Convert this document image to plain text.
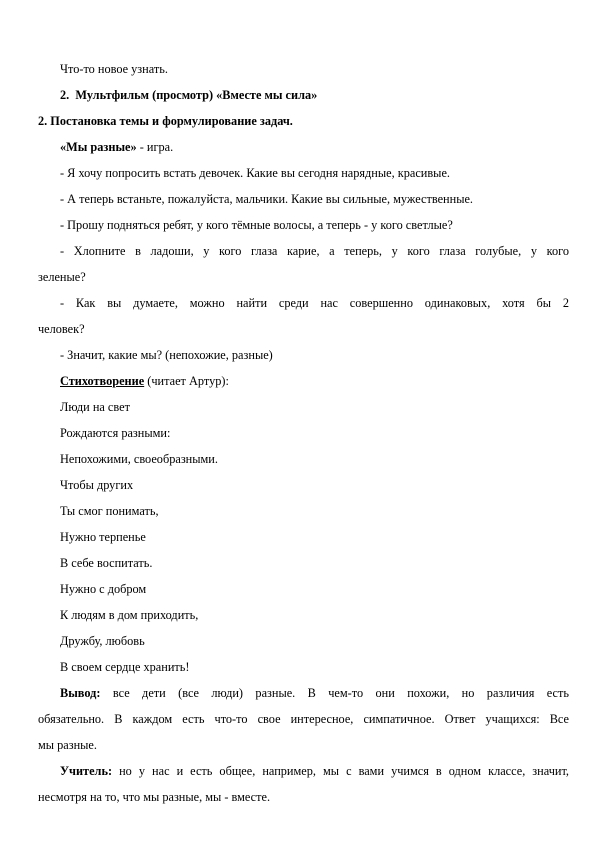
Что-то новое узнать.
2. Мультфильм (просмотр) «Вместе мы сила»
2. Постановка темы и формулирование задач.
«Мы разные» - игра.
- Я хочу попросить встать девочек. Какие вы сегодня нарядные, красивые.
- А теперь встаньте, пожалуйста, мальчики. Какие вы сильные, мужественные.
- Прошу подняться ребят, у кого тёмные волосы, а теперь - у кого светлые?
- Хлопните в ладоши, у кого глаза карие, а теперь, у кого глаза голубые, у кого
зеленые?
- Как вы думаете, можно найти среди нас совершенно одинаковых, хотя бы 2
человек?
- Значит, какие мы? (непохожие, разные)
Стихотворение (читает Артур):
Люди на свет
Рождаются разными:
Непохожими, своеобразными.
Чтобы других
Ты смог понимать,
Нужно терпенье
В себе воспитать.
Нужно с добром
К людям в дом приходить,
Дружбу, любовь
В своем сердце хранить!
Вывод: все дети (все люди) разные. В чем-то они похожи, но различия есть
обязательно. В каждом есть что-то свое интересное, симпатичное. Ответ учащихся: Все
мы разные.
Учитель: но у нас и есть общее, например, мы с вами учимся в одном классе, значит,
несмотря на то, что мы разные, мы - вместе.
